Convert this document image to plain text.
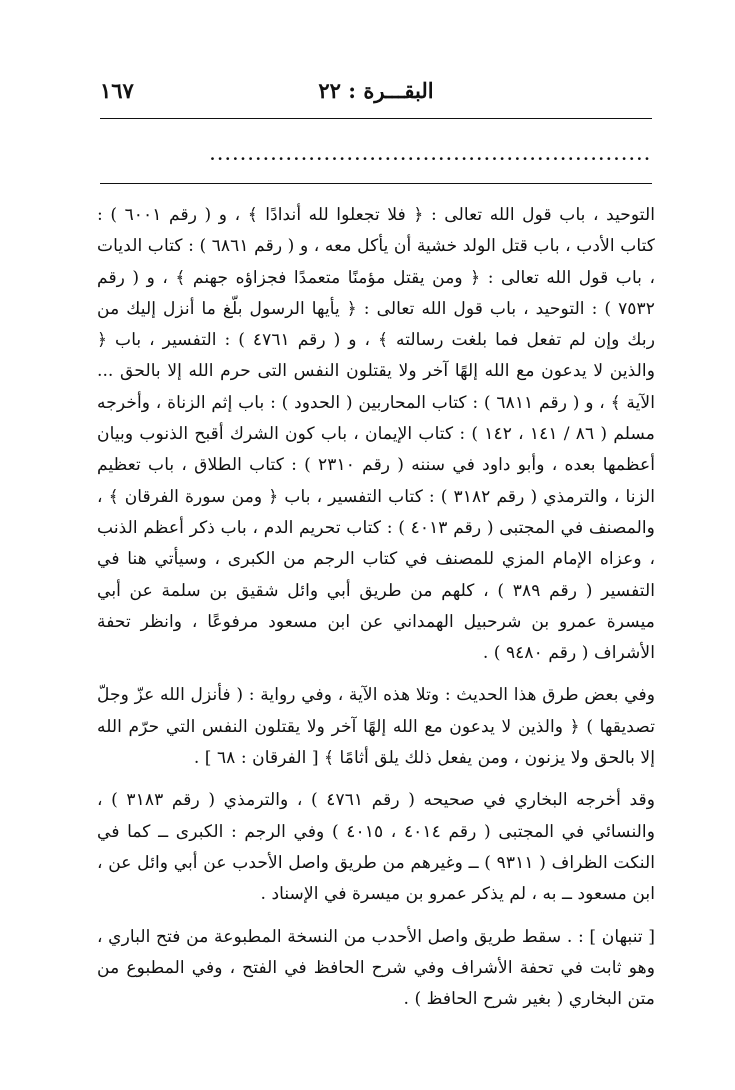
البقـــرة : ٢٢
١٦٧
..........................................................

التوحيد ، باب قول الله تعالى : ﴿ فلا تجعلوا لله أندادًا ﴾ ، و ( رقم ٦٠٠١ ) : كتاب الأدب ، باب قتل الولد خشية أن يأكل معه ، و ( رقم ٦٨٦١ ) : كتاب الديات ، باب قول الله تعالى : ﴿ ومن يقتل مؤمنًا متعمدًا فجزاؤه جهنم ﴾ ، و ( رقم ٧٥٣٢ ) : التوحيد ، باب قول الله تعالى : ﴿ يأيها الرسول بلّغ ما أنزل إليك من ربك وإن لم تفعل فما بلغت رسالته ﴾ ، و ( رقم ٤٧٦١ ) : التفسير ، باب ﴿ والذين لا يدعون مع الله إلهًا آخر ولا يقتلون النفس التى حرم الله إلا بالحق ... الآية ﴾ ، و ( رقم ٦٨١١ ) : كتاب المحاربين ( الحدود ) : باب إثم الزناة ، وأخرجه مسلم ( ٨٦ / ١٤١ ، ١٤٢ ) : كتاب الإيمان ، باب كون الشرك أقبح الذنوب وبيان أعظمها بعده ، وأبو داود في سننه ( رقم ٢٣١٠ ) : كتاب الطلاق ، باب تعظيم الزنا ، والترمذي ( رقم ٣١٨٢ ) : كتاب التفسير ، باب ﴿ ومن سورة الفرقان ﴾ ، والمصنف في المجتبى ( رقم ٤٠١٣ ) : كتاب تحريم الدم ، باب ذكر أعظم الذنب ، وعزاه الإمام المزي للمصنف في كتاب الرجم من الكبرى ، وسيأتي هنا في التفسير ( رقم ٣٨٩ ) ، كلهم من طريق أبي وائل شقيق بن سلمة عن أبي ميسرة عمرو بن شرحبيل الهمداني عن ابن مسعود مرفوعًا ، وانظر تحفة الأشراف ( رقم ٩٤٨٠ ) .

وفي بعض طرق هذا الحديث : وتلا هذه الآية ، وفي رواية : ( فأنزل الله عزّ وجلّ تصديقها ) ﴿ والذين لا يدعون مع الله إلهًا آخر ولا يقتلون النفس التي حرّم الله إلا بالحق ولا يزنون ، ومن يفعل ذلك يلق أثامًا ﴾ [ الفرقان : ٦٨ ] .

وقد أخرجه البخاري في صحيحه ( رقم ٤٧٦١ ) ، والترمذي ( رقم ٣١٨٣ ) ، والنسائي في المجتبى ( رقم ٤٠١٤ ، ٤٠١٥ ) وفي الرجم : الكبرى ــ كما في النكت الظراف ( ٩٣١١ ) ــ وغيرهم من طريق واصل الأحدب عن أبي وائل عن ، ابن مسعود ــ به ، لم يذكر عمرو بن ميسرة في الإسناد .

[ تنبهان ] : . سقط طريق واصل الأحدب من النسخة المطبوعة من فتح الباري ، وهو ثابت في تحفة الأشراف وفي شرح الحافظ في الفتح ، وفي المطبوع من متن البخاري ( بغير شرح الحافظ ) .
